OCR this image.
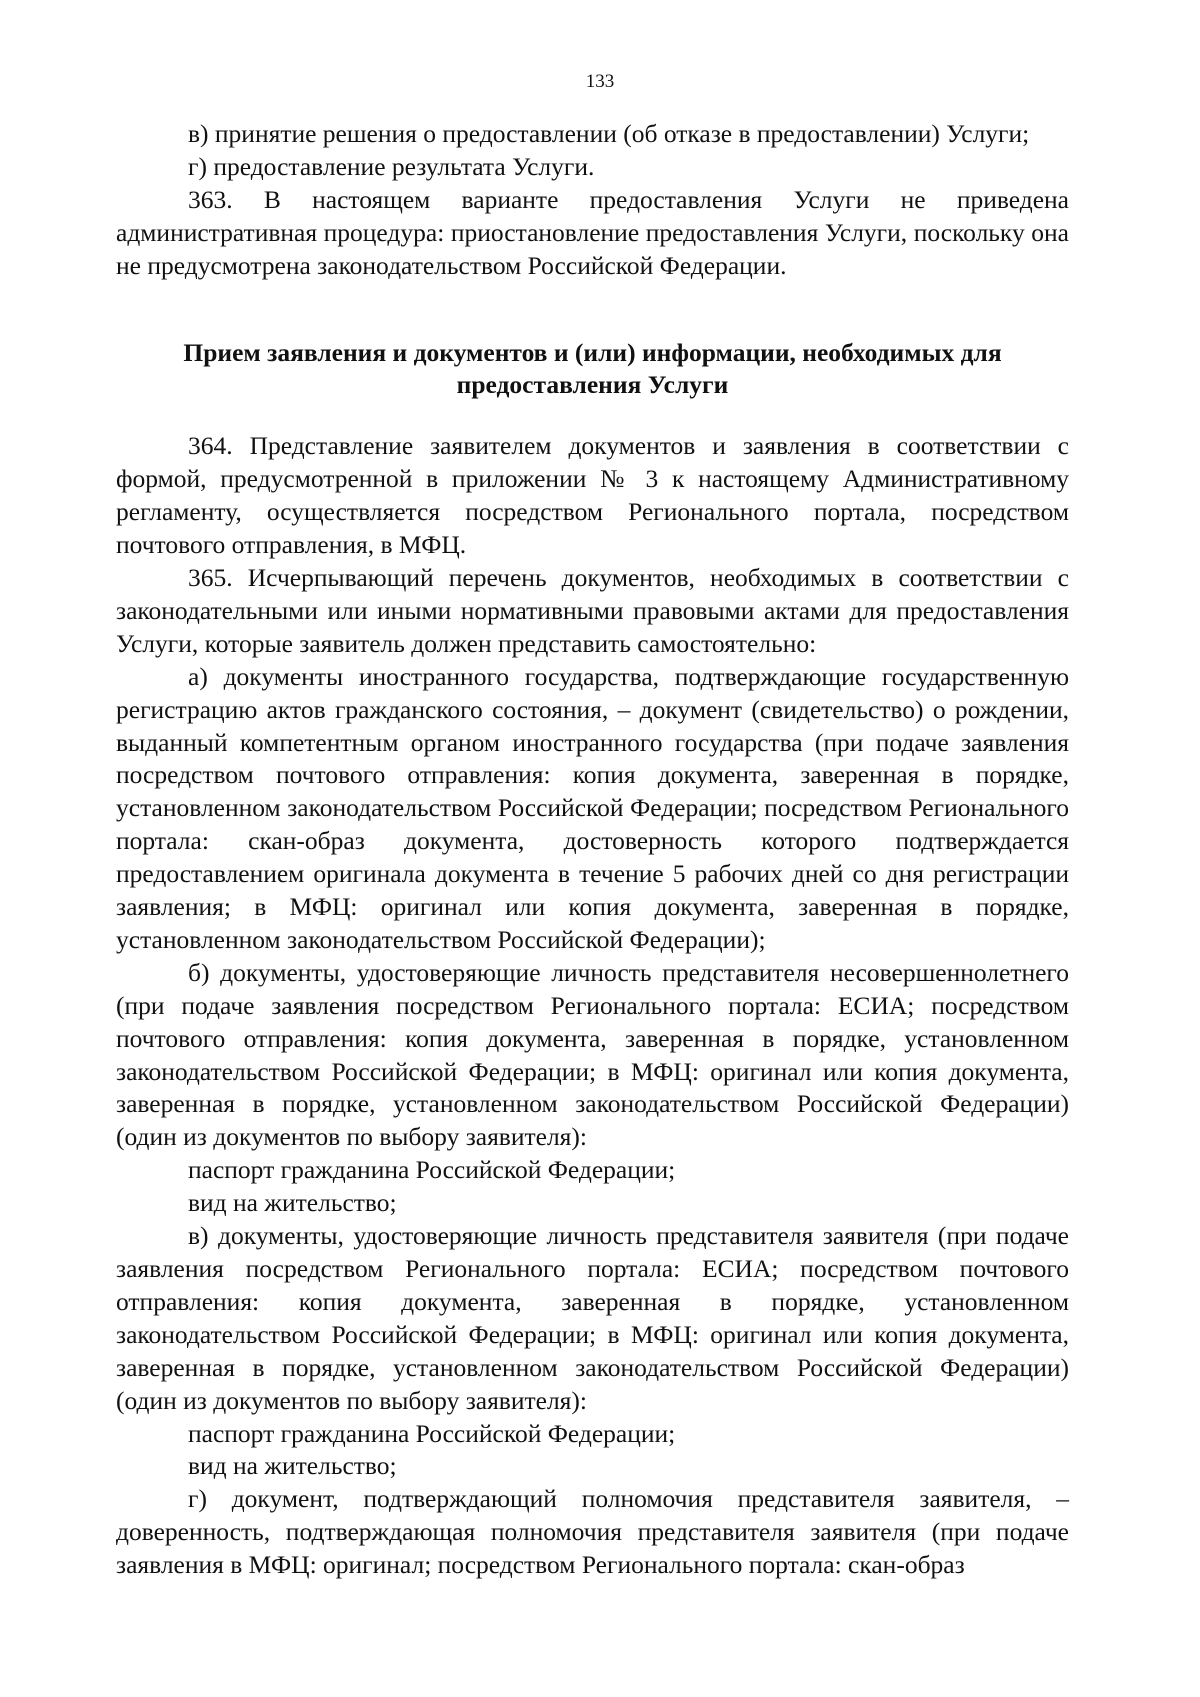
133

в) принятие решения о предоставлении (об отказе в предоставлении) Услуги;

г) предоставление результата Услуги.

363. В настоящем варианте предоставления Услуги не приведена административная процедура: приостановление предоставления Услуги, поскольку она не предусмотрена законодательством Российской Федерации.

Прием заявления и документов и (или) информации, необходимых для
предоставления Услуги

364. Представление заявителем документов и заявления в соответствии с формой, предусмотренной в приложении № 3 к настоящему Административному регламенту, осуществляется посредством Регионального портала, посредством почтового отправления, в МФЦ.

365. Исчерпывающий перечень документов, необходимых в соответствии с законодательными или иными нормативными правовыми актами для предоставления Услуги, которые заявитель должен представить самостоятельно:

а) документы иностранного государства, подтверждающие государственную регистрацию актов гражданского состояния, – документ (свидетельство) о рождении, выданный компетентным органом иностранного государства (при подаче заявления посредством почтового отправления: копия документа, заверенная в порядке, установленном законодательством Российской Федерации; посредством Регионального портала: скан-образ документа, достоверность которого подтверждается предоставлением оригинала документа в течение 5 рабочих дней со дня регистрации заявления; в МФЦ: оригинал или копия документа, заверенная в порядке, установленном законодательством Российской Федерации);

б) документы, удостоверяющие личность представителя несовершеннолетнего (при подаче заявления посредством Регионального портала: ЕСИА; посредством почтового отправления: копия документа, заверенная в порядке, установленном законодательством Российской Федерации; в МФЦ: оригинал или копия документа, заверенная в порядке, установленном законодательством Российской Федерации) (один из документов по выбору заявителя):

паспорт гражданина Российской Федерации;

вид на жительство;

в) документы, удостоверяющие личность представителя заявителя (при подаче заявления посредством Регионального портала: ЕСИА; посредством почтового отправления: копия документа, заверенная в порядке, установленном законодательством Российской Федерации; в МФЦ: оригинал или копия документа, заверенная в порядке, установленном законодательством Российской Федерации) (один из документов по выбору заявителя):

паспорт гражданина Российской Федерации;

вид на жительство;

г) документ, подтверждающий полномочия представителя заявителя, – доверенность, подтверждающая полномочия представителя заявителя (при подаче заявления в МФЦ: оригинал; посредством Регионального портала: скан-образ
